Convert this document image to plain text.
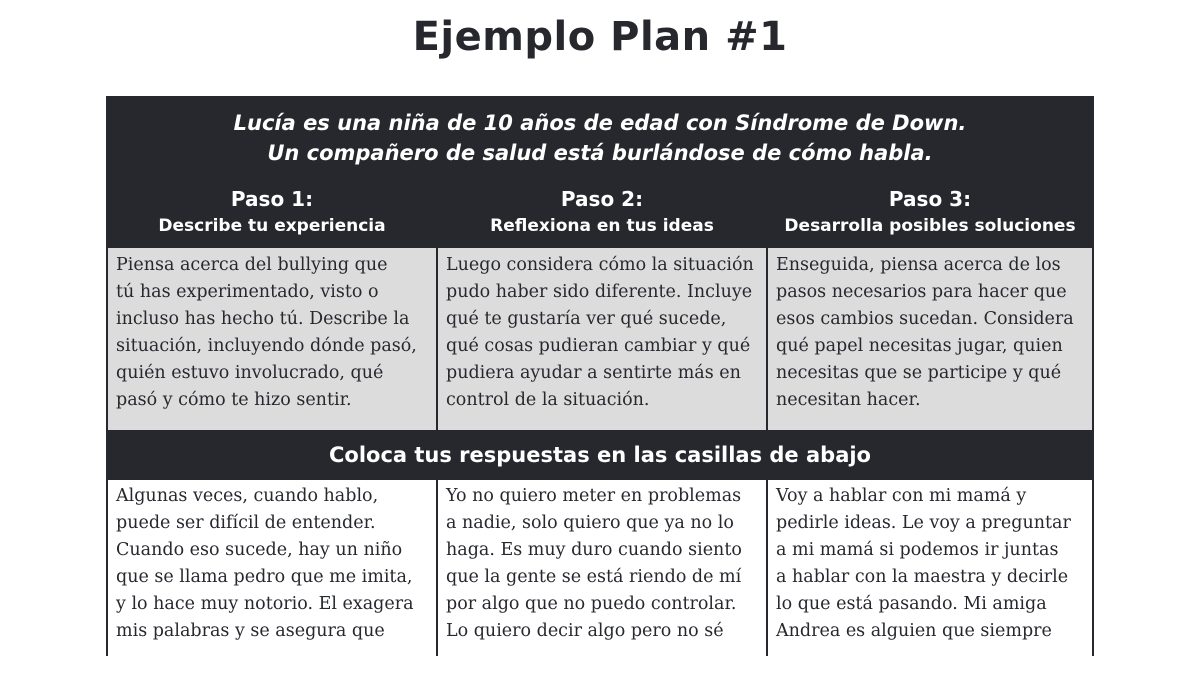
Ejemplo Plan #1
Lucía es una niña de 10 años de edad con Síndrome de Down.
Un compañero de salud está burlándose de cómo habla.
Paso 1:
Describe tu experiencia
Paso 2:
Reflexiona en tus ideas
Paso 3:
Desarrolla posibles soluciones
Piensa acerca del bullying que
tú has experimentado, visto o
incluso has hecho tú. Describe la
situación, incluyendo dónde pasó,
quién estuvo involucrado, qué
pasó y cómo te hizo sentir.
Luego considera cómo la situación
pudo haber sido diferente. Incluye
qué te gustaría ver qué sucede,
qué cosas pudieran cambiar y qué
pudiera ayudar a sentirte más en
control de la situación.
Enseguida, piensa acerca de los
pasos necesarios para hacer que
esos cambios sucedan. Considera
qué papel necesitas jugar, quien
necesitas que se participe y qué
necesitan hacer.
Coloca tus respuestas en las casillas de abajo
Algunas veces, cuando hablo,
puede ser difícil de entender.
Cuando eso sucede, hay un niño
que se llama pedro que me imita,
y lo hace muy notorio. El exagera
mis palabras y se asegura que
Yo no quiero meter en problemas
a nadie, solo quiero que ya no lo
haga. Es muy duro cuando siento
que la gente se está riendo de mí
por algo que no puedo controlar.
Lo quiero decir algo pero no sé
Voy a hablar con mi mamá y
pedirle ideas. Le voy a preguntar
a mi mamá si podemos ir juntas
a hablar con la maestra y decirle
lo que está pasando. Mi amiga
Andrea es alguien que siempre
